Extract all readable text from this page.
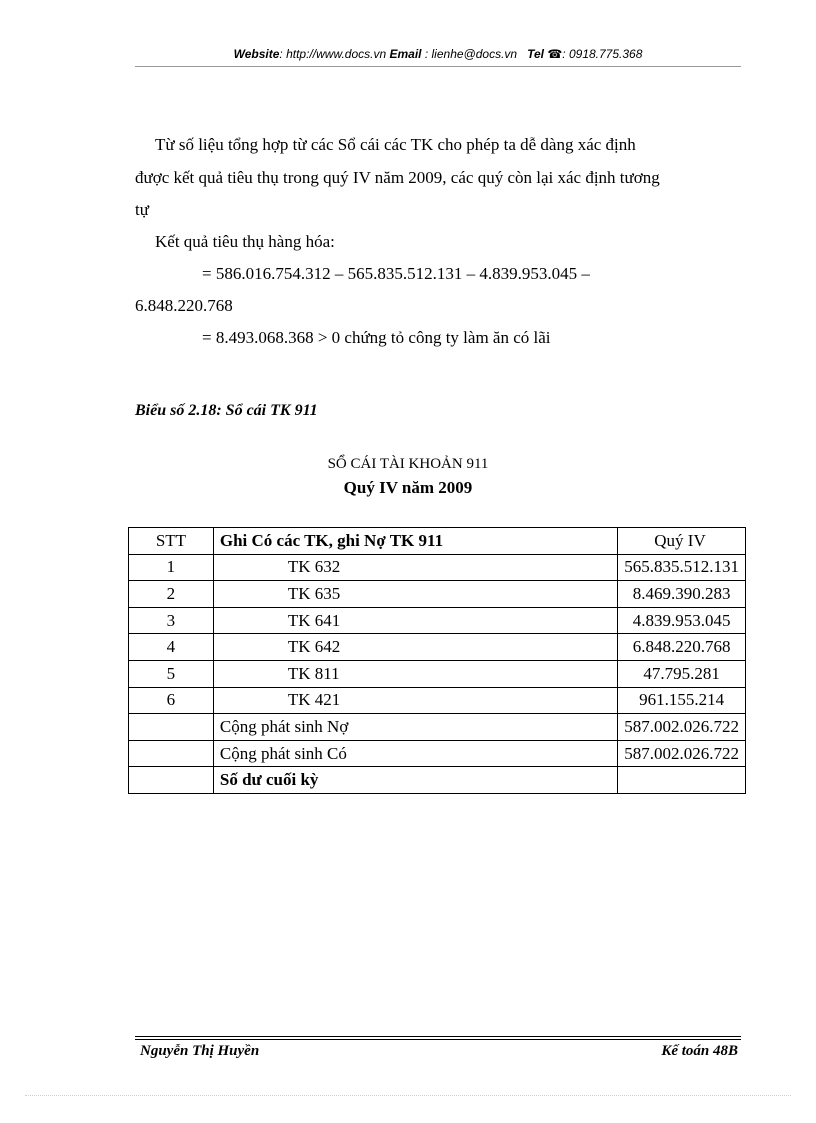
Website: http://www.docs.vn Email : lienhe@docs.vn Tel ☎: 0918.775.368
Từ số liệu tổng hợp từ các Sổ cái các TK cho phép ta dễ dàng xác định
được kết quả tiêu thụ trong quý IV năm 2009, các quý còn lại xác định tương
tự
Kết quả tiêu thụ hàng hóa:
= 586.016.754.312 – 565.835.512.131 – 4.839.953.045 –
6.848.220.768
= 8.493.068.368 > 0 chứng tỏ công ty làm ăn có lãi
Biểu số 2.18: Sổ cái TK 911
SỔ CÁI TÀI KHOẢN 911
Quý IV năm 2009
STT	Ghi Có các TK, ghi Nợ TK 911	Quý IV
1	TK 632	565.835.512.131
2	TK 635	8.469.390.283
3	TK 641	4.839.953.045
4	TK 642	6.848.220.768
5	TK 811	47.795.281
6	TK 421	961.155.214
	Cộng phát sinh Nợ	587.002.026.722
	Cộng phát sinh Có	587.002.026.722
	Số dư cuối kỳ	
Nguyễn Thị Huyền	Kế toán 48B
